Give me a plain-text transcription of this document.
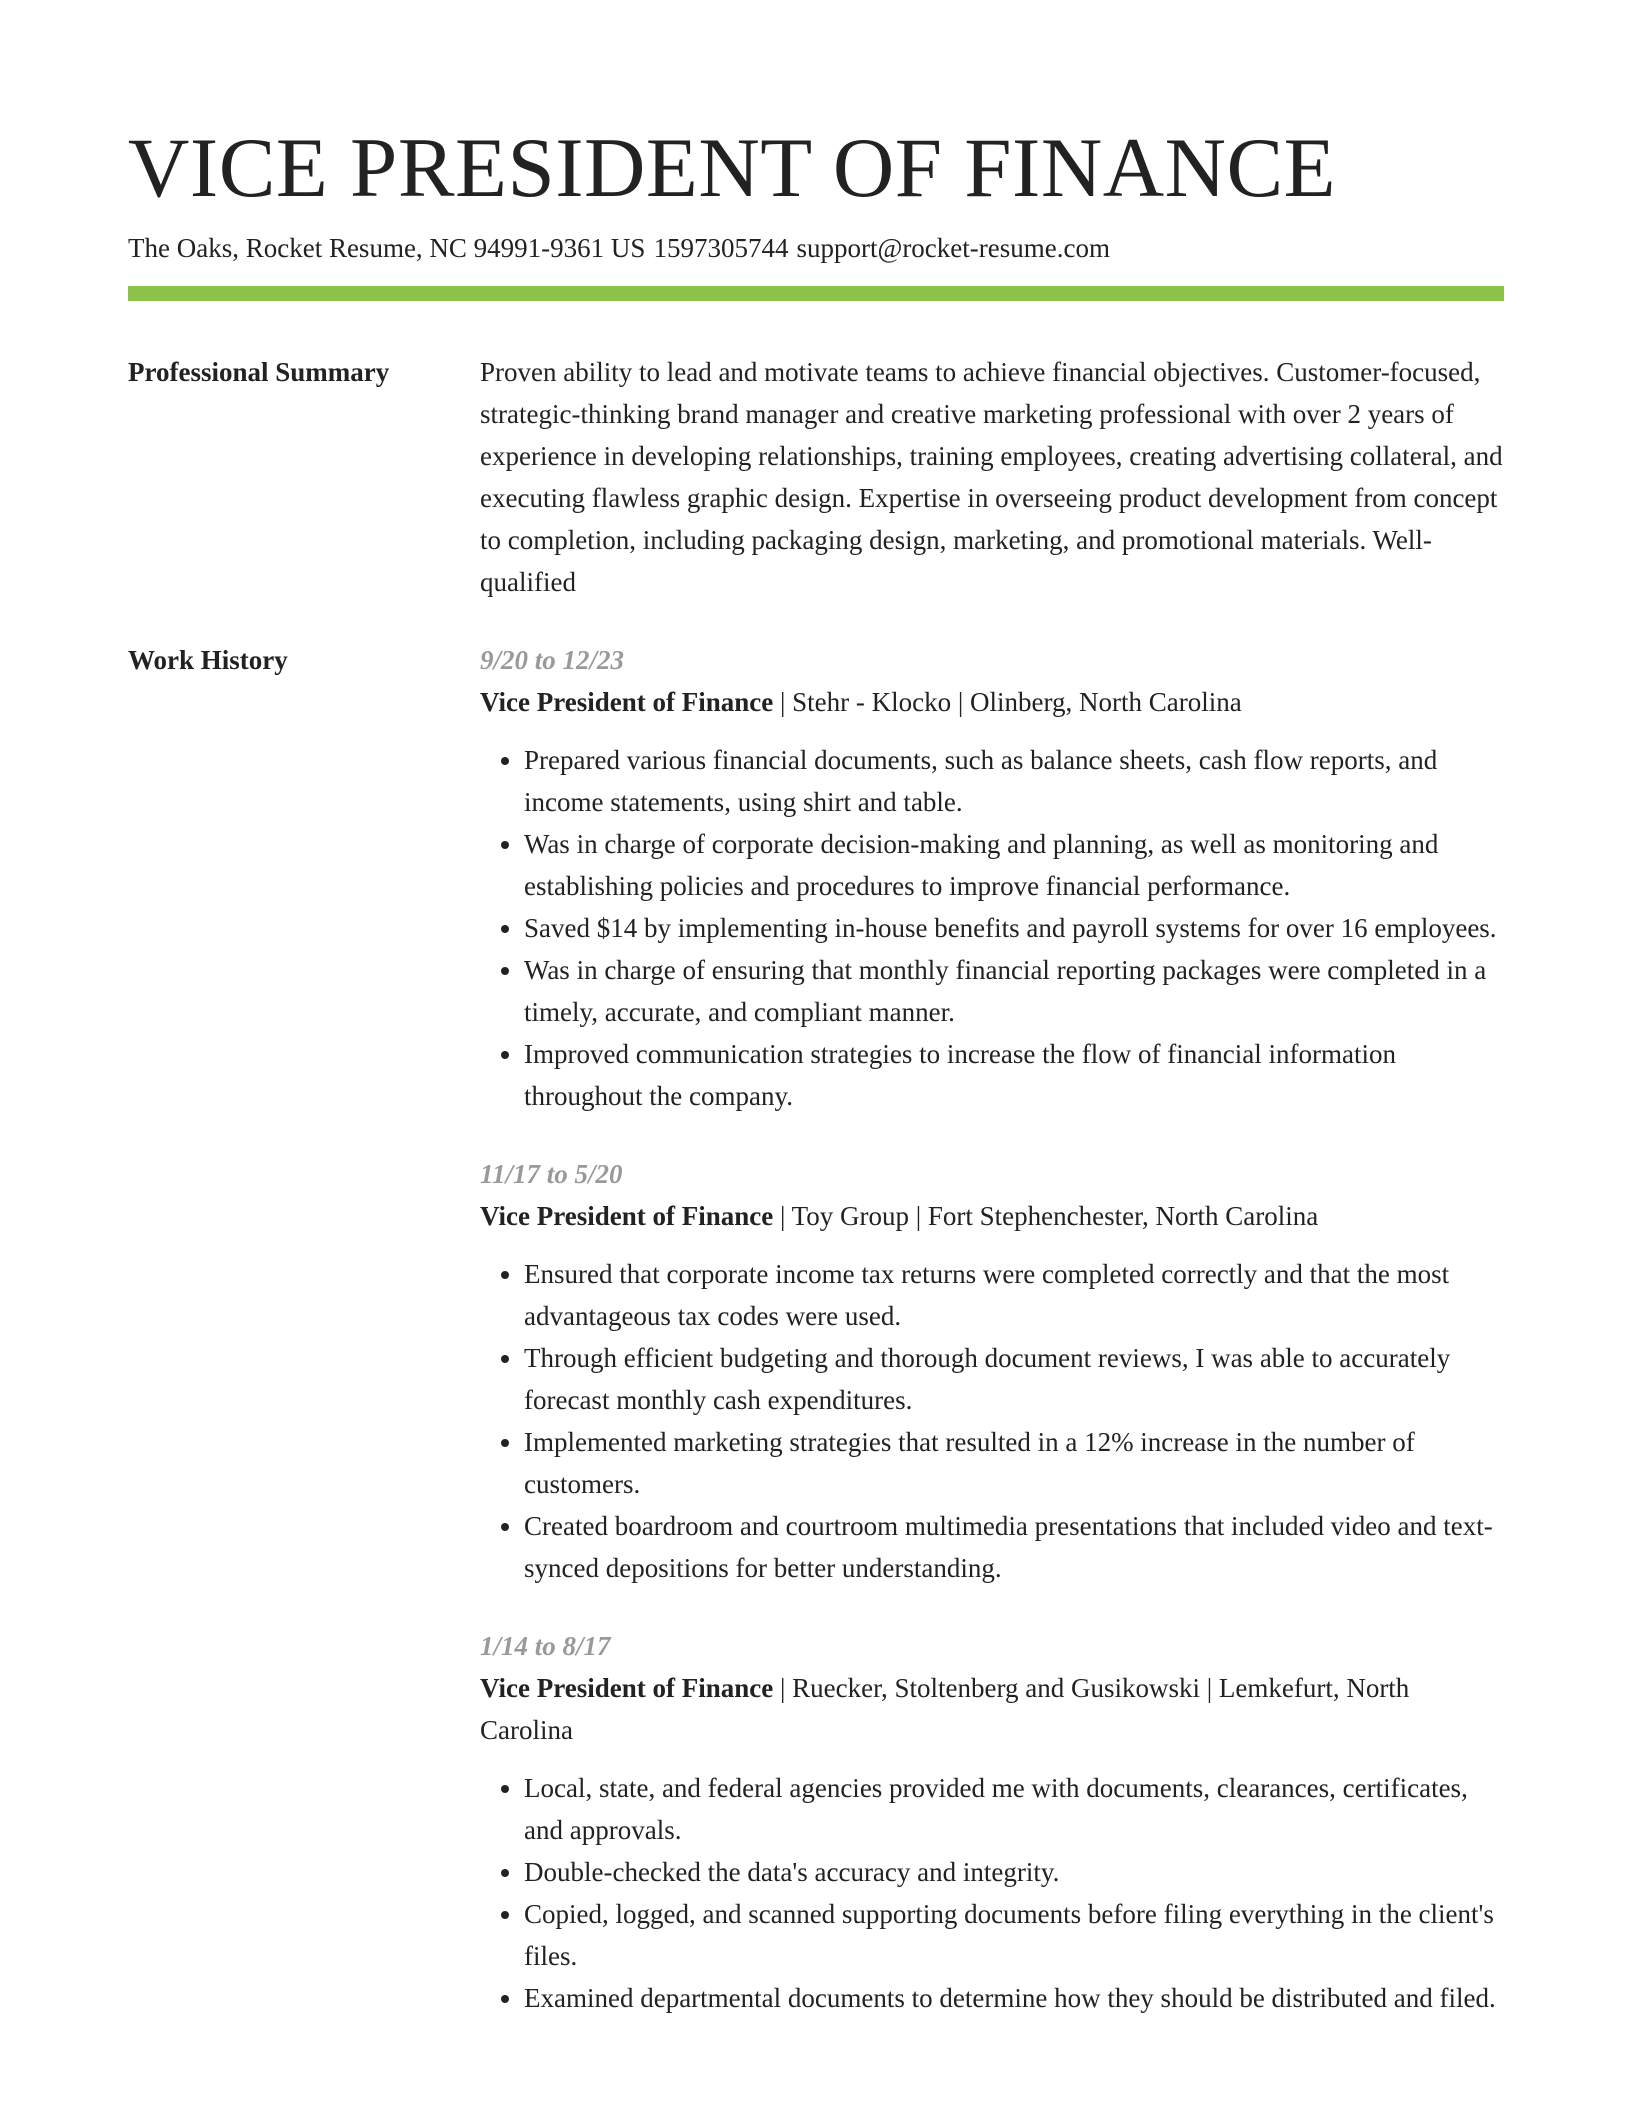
VICE PRESIDENT OF FINANCE
The Oaks, Rocket Resume, NC 94991-9361 US 1597305744 support@rocket-resume.com
Professional Summary	Proven ability to lead and motivate teams to achieve financial objectives. Customer-focused, strategic-thinking brand manager and creative marketing professional with over 2 years of experience in developing relationships, training employees, creating advertising collateral, and executing flawless graphic design. Expertise in overseeing product development from concept to completion, including packaging design, marketing, and promotional materials. Well-qualified
Work History	9/20 to 12/23
Vice President of Finance | Stehr - Klocko | Olinberg, North Carolina
• Prepared various financial documents, such as balance sheets, cash flow reports, and income statements, using shirt and table.
• Was in charge of corporate decision-making and planning, as well as monitoring and establishing policies and procedures to improve financial performance.
• Saved $14 by implementing in-house benefits and payroll systems for over 16 employees.
• Was in charge of ensuring that monthly financial reporting packages were completed in a timely, accurate, and compliant manner.
• Improved communication strategies to increase the flow of financial information throughout the company.
11/17 to 5/20
Vice President of Finance | Toy Group | Fort Stephenchester, North Carolina
• Ensured that corporate income tax returns were completed correctly and that the most advantageous tax codes were used.
• Through efficient budgeting and thorough document reviews, I was able to accurately forecast monthly cash expenditures.
• Implemented marketing strategies that resulted in a 12% increase in the number of customers.
• Created boardroom and courtroom multimedia presentations that included video and text-synced depositions for better understanding.
1/14 to 8/17
Vice President of Finance | Ruecker, Stoltenberg and Gusikowski | Lemkefurt, North Carolina
• Local, state, and federal agencies provided me with documents, clearances, certificates, and approvals.
• Double-checked the data's accuracy and integrity.
• Copied, logged, and scanned supporting documents before filing everything in the client's files.
• Examined departmental documents to determine how they should be distributed and filed.
